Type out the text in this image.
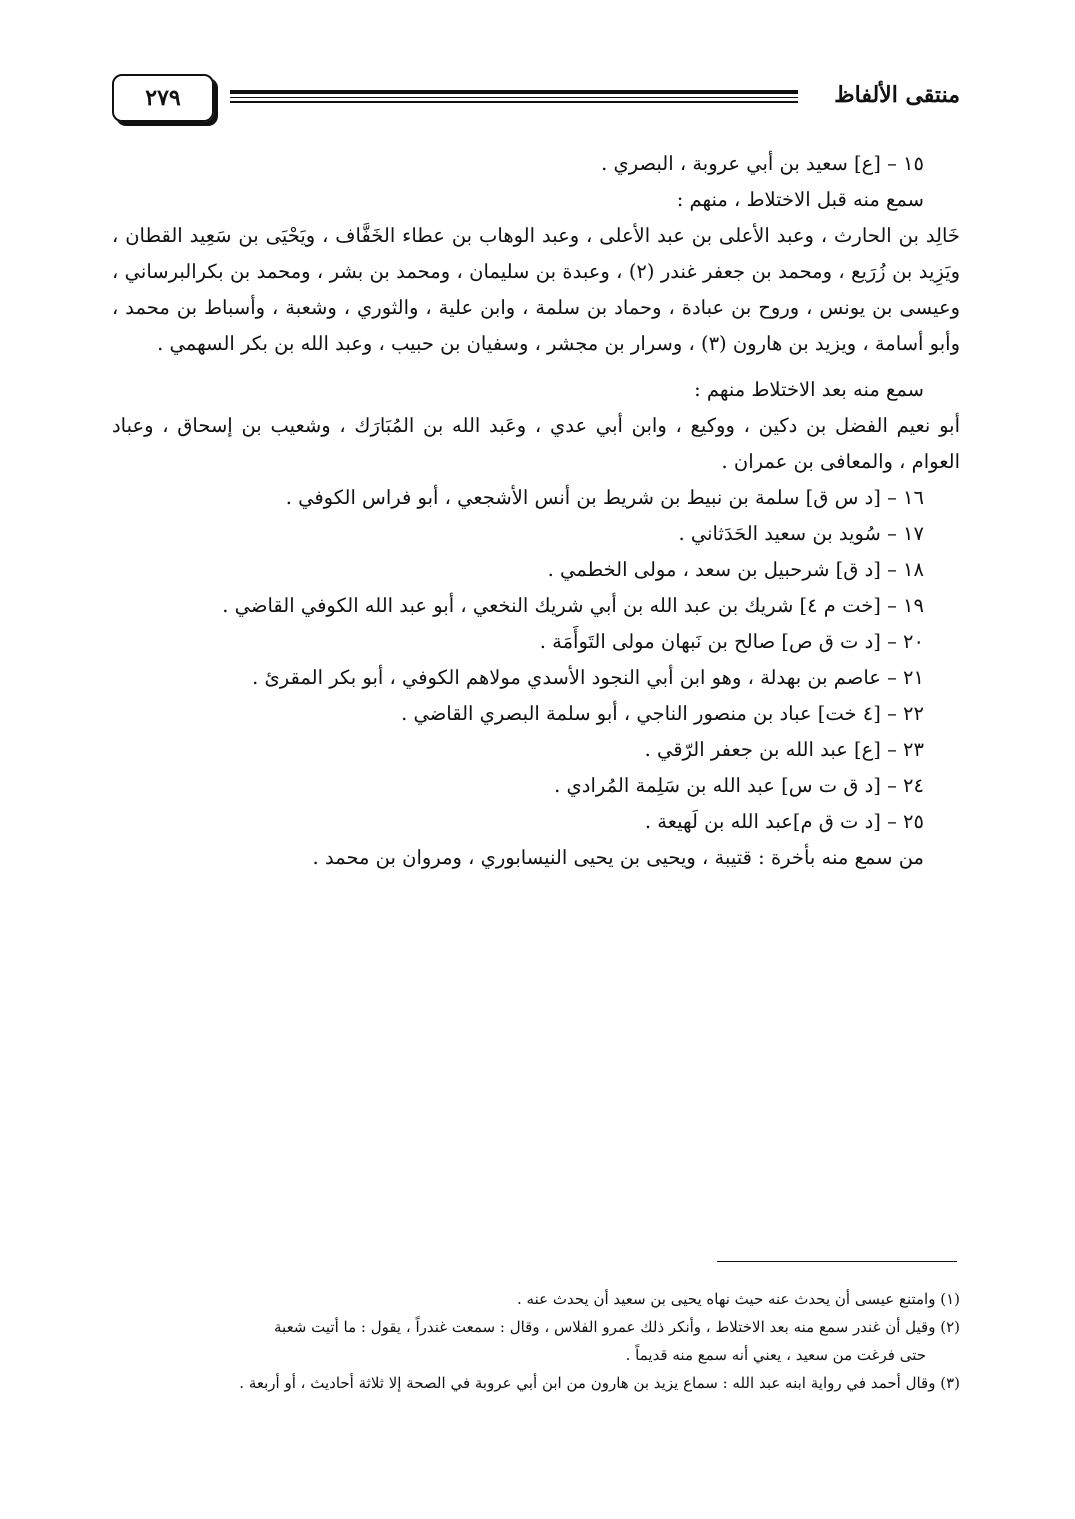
٢٧٩	منتقى الألفاظ

١٥ – [ع] سعيد بن أبي عروبة ، البصري .

سمع منه قبل الاختلاط ، منهم :

خَالِد بن الحارث ، وعبد الأعلى بن عبد الأعلى ، وعبد الوهاب بن عطاء الخَفَّاف ، ويَحْيَى بن سَعِيد القطان ، ويَزِيد بن زُرَيع ، ومحمد بن جعفر غندر (٢) ، وعبدة بن سليمان ، ومحمد بن بشر ، ومحمد بن بكرالبرساني ، وعيسى بن يونس ، وروح بن عبادة ، وحماد بن سلمة ، وابن علية ، والثوري ، وشعبة ، وأسباط بن محمد ، وأبو أسامة ، ويزيد بن هارون (٣) ، وسرار بن مجشر ، وسفيان بن حبيب ، وعبد الله بن بكر السهمي .

سمع منه بعد الاختلاط منهم :

أبو نعيم الفضل بن دكين ، ووكيع ، وابن أبي عدي ، وعَبد الله بن المُبَارَك ، وشعيب بن إسحاق ، وعباد العوام ، والمعافى بن عمران .

١٦ – [د س ق] سلمة بن نبيط بن شريط بن أنس الأشجعي ، أبو فراس الكوفي .

١٧ – سُويد بن سعيد الحَدَثاني .

١٨ – [د ق] شرحبيل بن سعد ، مولى الخطمي .

١٩ – [خت م ٤] شريك بن عبد الله بن أبي شريك النخعي ، أبو عبد الله الكوفي القاضي .

٢٠ – [د ت ق ص] صالح بن نَبهان مولى التَوأَمَة .

٢١ – عاصم بن بهدلة ، وهو ابن أبي النجود الأسدي مولاهم الكوفي ، أبو بكر المقرئ .

٢٢ – [٤ خت] عباد بن منصور الناجي ، أبو سلمة البصري القاضي .

٢٣ – [ع] عبد الله بن جعفر الرّقي .

٢٤ – [د ق ت س] عبد الله بن سَلِمة المُرادي .

٢٥ – [د ت ق م]عبد الله بن لَهيعة .

من سمع منه بأخرة : قتيبة ، ويحيى بن يحيى النيسابوري ، ومروان بن محمد .

(١) وامتنع عيسى أن يحدث عنه حيث نهاه يحيى بن سعيد أن يحدث عنه .

(٢) وقيل أن غندر سمع منه بعد الاختلاط ، وأنكر ذلك عمرو الفلاس ، وقال : سمعت غندراً ، يقول : ما أتيت شعبة

حتى فرغت من سعيد ، يعني أنه سمع منه قديماً .

(٣) وقال أحمد في رواية ابنه عبد الله : سماع يزيد بن هارون من ابن أبي عروبة في الصحة إلا ثلاثة أحاديث ، أو أربعة .
